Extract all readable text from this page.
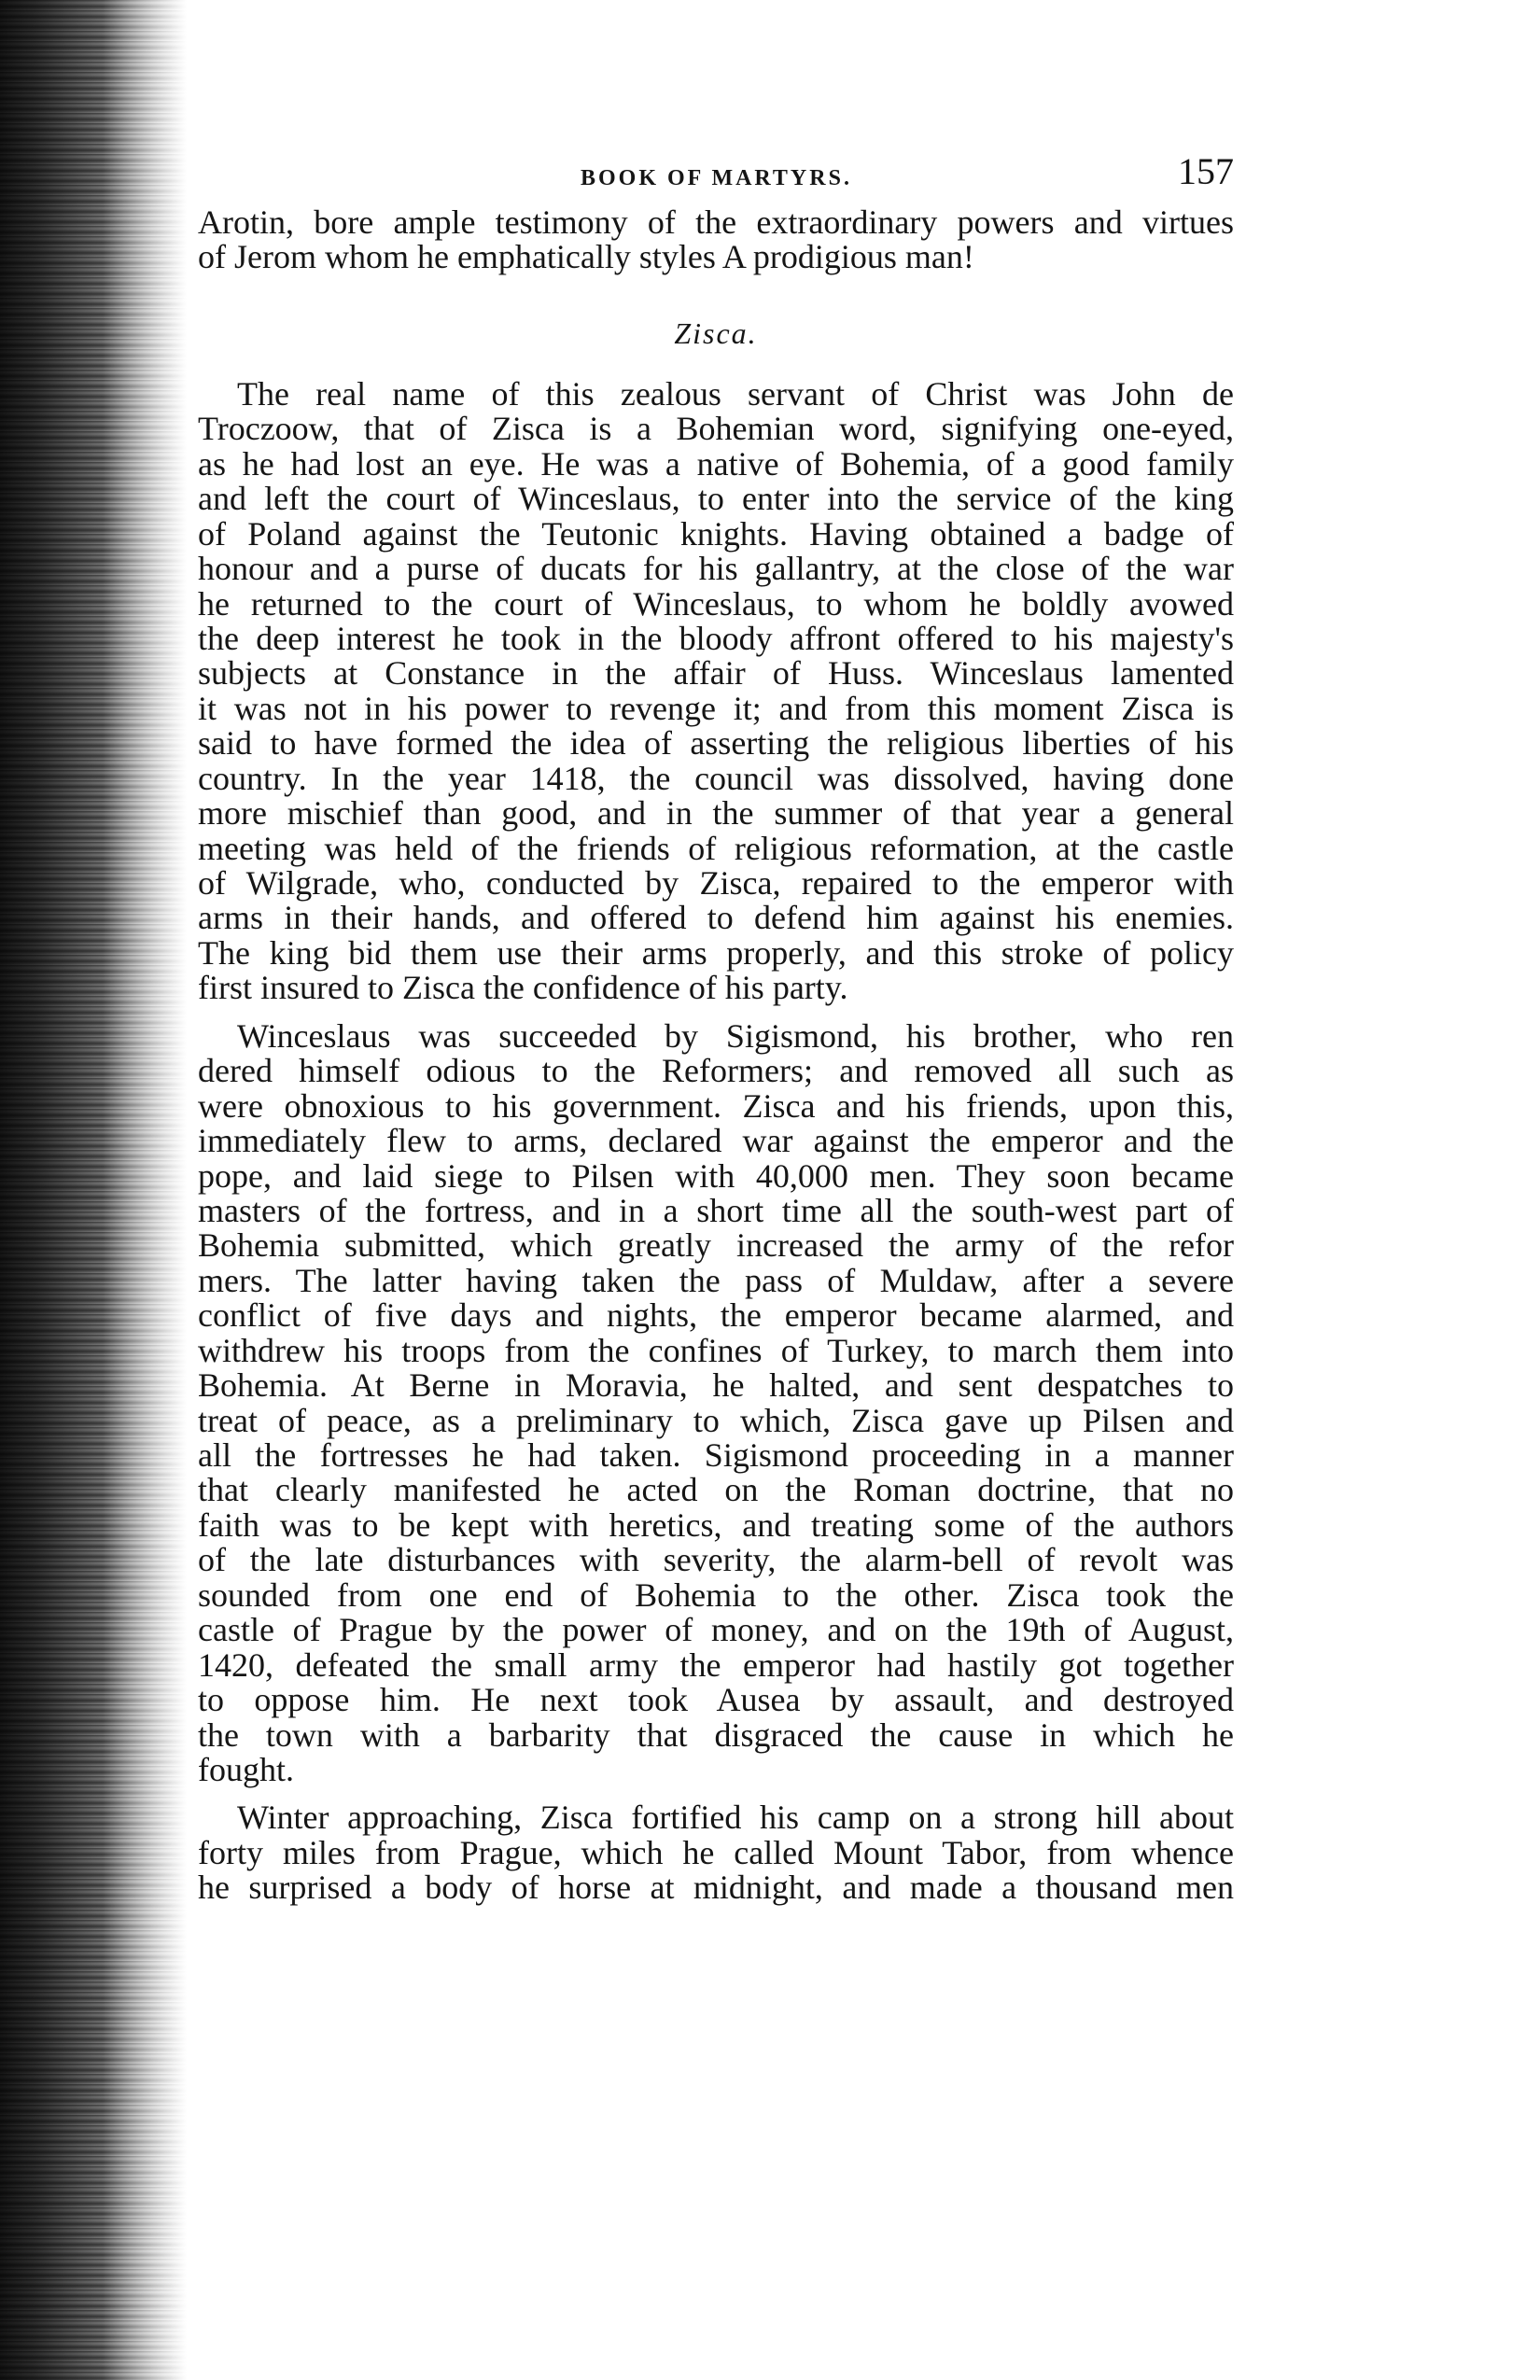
BOOK OF MARTYRS.	157
Arotin, bore ample testimony of the extraordinary powers and virtues
of Jerom whom he emphatically styles A prodigious man!
Zisca.
The real name of this zealous servant of Christ was John de
Troczoow, that of Zisca is a Bohemian word, signifying one-eyed,
as he had lost an eye. He was a native of Bohemia, of a good family
and left the court of Winceslaus, to enter into the service of the king
of Poland against the Teutonic knights. Having obtained a badge of
honour and a purse of ducats for his gallantry, at the close of the war
he returned to the court of Winceslaus, to whom he boldly avowed
the deep interest he took in the bloody affront offered to his majesty's
subjects at Constance in the affair of Huss. Winceslaus lamented
it was not in his power to revenge it; and from this moment Zisca is
said to have formed the idea of asserting the religious liberties of his
country. In the year 1418, the council was dissolved, having done
more mischief than good, and in the summer of that year a general
meeting was held of the friends of religious reformation, at the castle
of Wilgrade, who, conducted by Zisca, repaired to the emperor with
arms in their hands, and offered to defend him against his enemies.
The king bid them use their arms properly, and this stroke of policy
first insured to Zisca the confidence of his party.
Winceslaus was succeeded by Sigismond, his brother, who ren
dered himself odious to the Reformers; and removed all such as
were obnoxious to his government. Zisca and his friends, upon this,
immediately flew to arms, declared war against the emperor and the
pope, and laid siege to Pilsen with 40,000 men. They soon became
masters of the fortress, and in a short time all the south-west part of
Bohemia submitted, which greatly increased the army of the refor
mers. The latter having taken the pass of Muldaw, after a severe
conflict of five days and nights, the emperor became alarmed, and
withdrew his troops from the confines of Turkey, to march them into
Bohemia. At Berne in Moravia, he halted, and sent despatches to
treat of peace, as a preliminary to which, Zisca gave up Pilsen and
all the fortresses he had taken. Sigismond proceeding in a manner
that clearly manifested he acted on the Roman doctrine, that no
faith was to be kept with heretics, and treating some of the authors
of the late disturbances with severity, the alarm-bell of revolt was
sounded from one end of Bohemia to the other. Zisca took the
castle of Prague by the power of money, and on the 19th of August,
1420, defeated the small army the emperor had hastily got together
to oppose him. He next took Ausea by assault, and destroyed
the town with a barbarity that disgraced the cause in which he
fought.
Winter approaching, Zisca fortified his camp on a strong hill about
forty miles from Prague, which he called Mount Tabor, from whence
he surprised a body of horse at midnight, and made a thousand men
